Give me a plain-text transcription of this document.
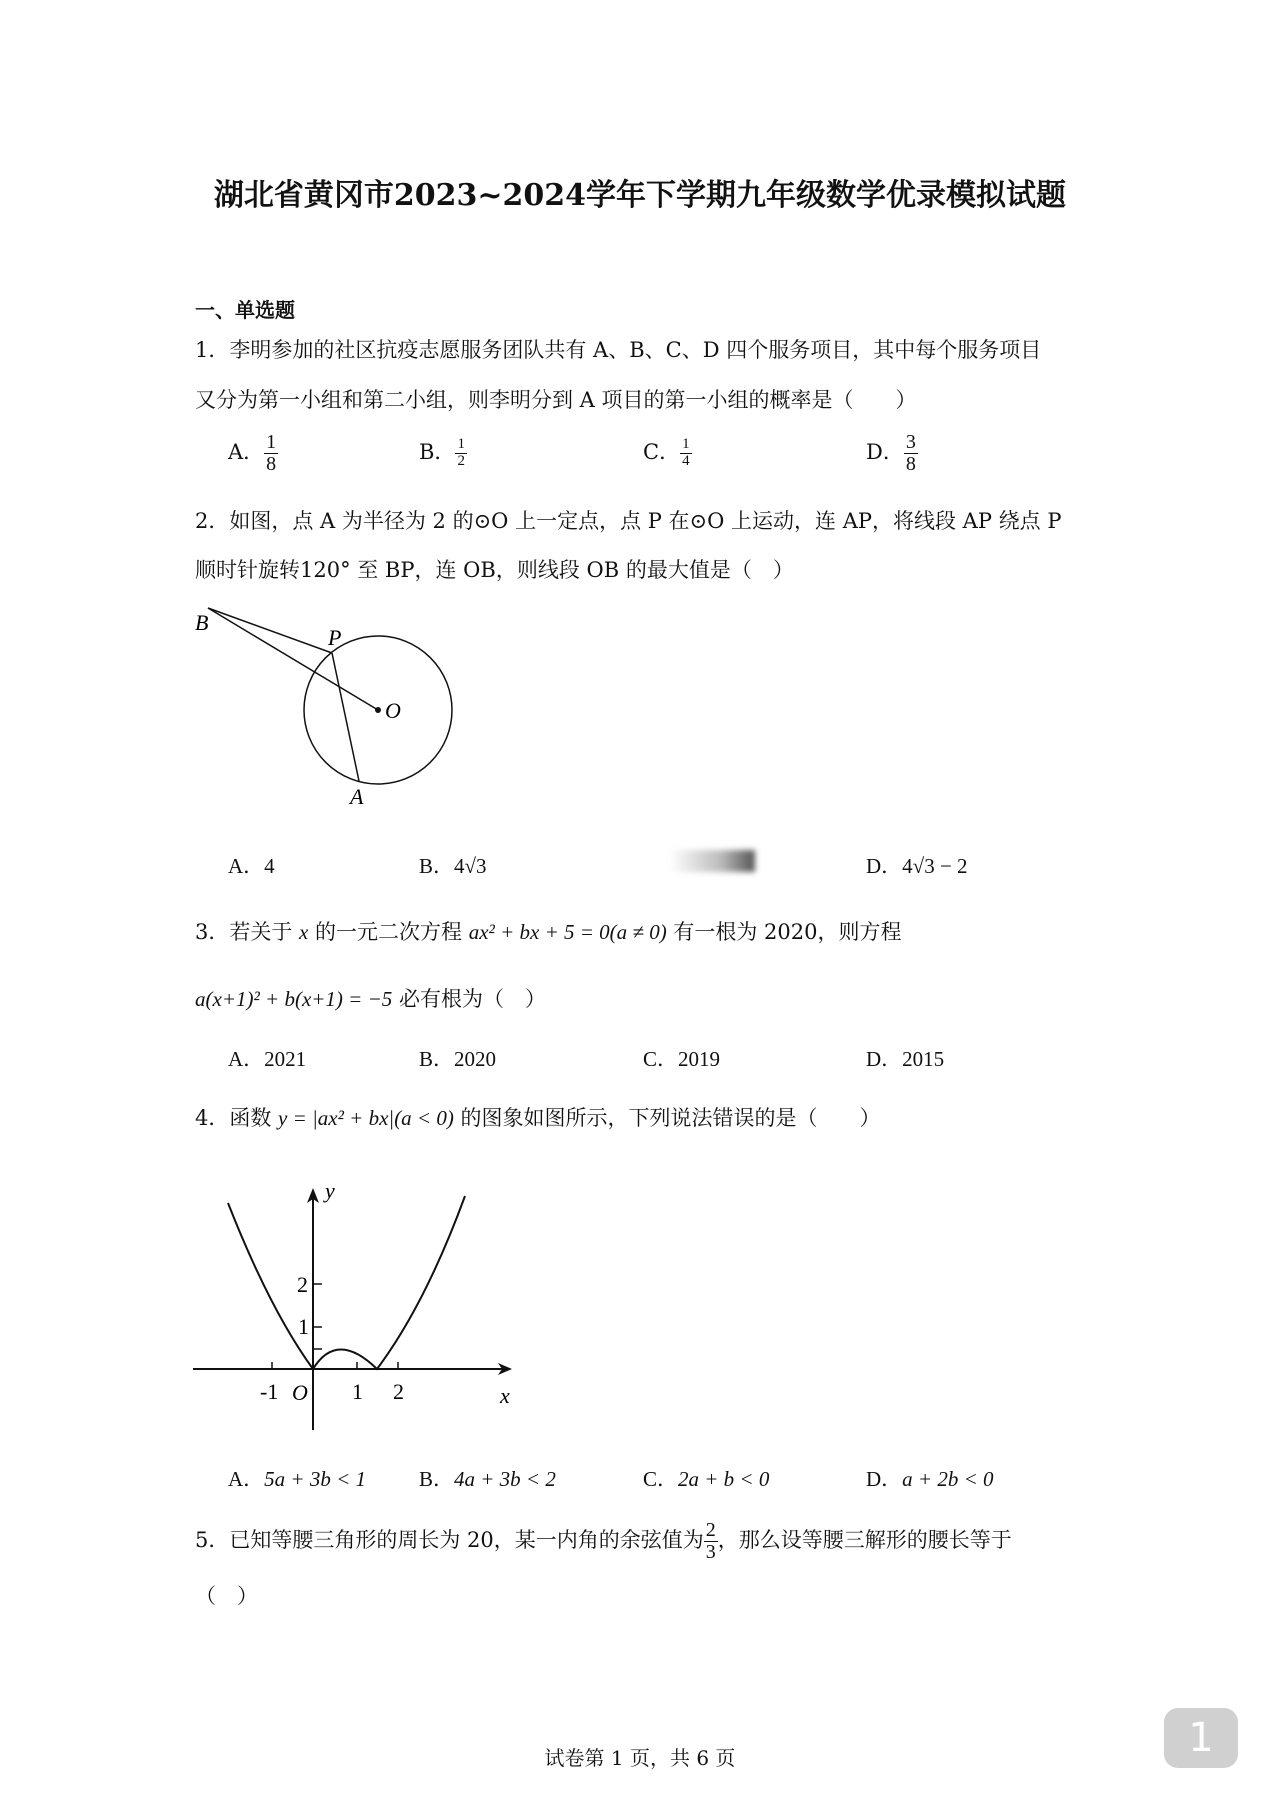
湖北省黄冈市2023~2024学年下学期九年级数学优录模拟试题
一、单选题
1．李明参加的社区抗疫志愿服务团队共有 A、B、C、D 四个服务项目，其中每个服务项目
又分为第一小组和第二小组，则李明分到 A 项目的第一小组的概率是（　　）
A． $\frac{1}{8}$	B． $\frac{1}{2}$	C． $\frac{1}{4}$	D． $\frac{3}{8}$
2．如图，点 A 为半径为 2 的⊙O 上一定点，点 P 在⊙O 上运动，连 AP，将线段 AP 绕点 P
顺时针旋转120° 至 BP，连 OB，则线段 OB 的最大值是（　）
B
P
O
A
A．4	B．4√3	D．4√3 − 2
3．若关于 x 的一元二次方程 ax² + bx + 5 = 0(a ≠ 0) 有一根为 2020，则方程
a(x+1)² + b(x+1) = −5 必有根为（　）
A．2021	B．2020	C．2019	D．2015
4．函数 y = |ax² + bx|(a < 0) 的图象如图所示，下列说法错误的是（　　）
y
x
O
-1	1 2
1
2
A．5a + 3b < 1	B．4a + 3b < 2	C．2a + b < 0	D．a + 2b < 0
5．已知等腰三角形的周长为 20，某一内角的余弦值为 $\frac{2}{3}$ ，那么设等腰三解形的腰长等于
（　）
试卷第 1 页，共 6 页	1
